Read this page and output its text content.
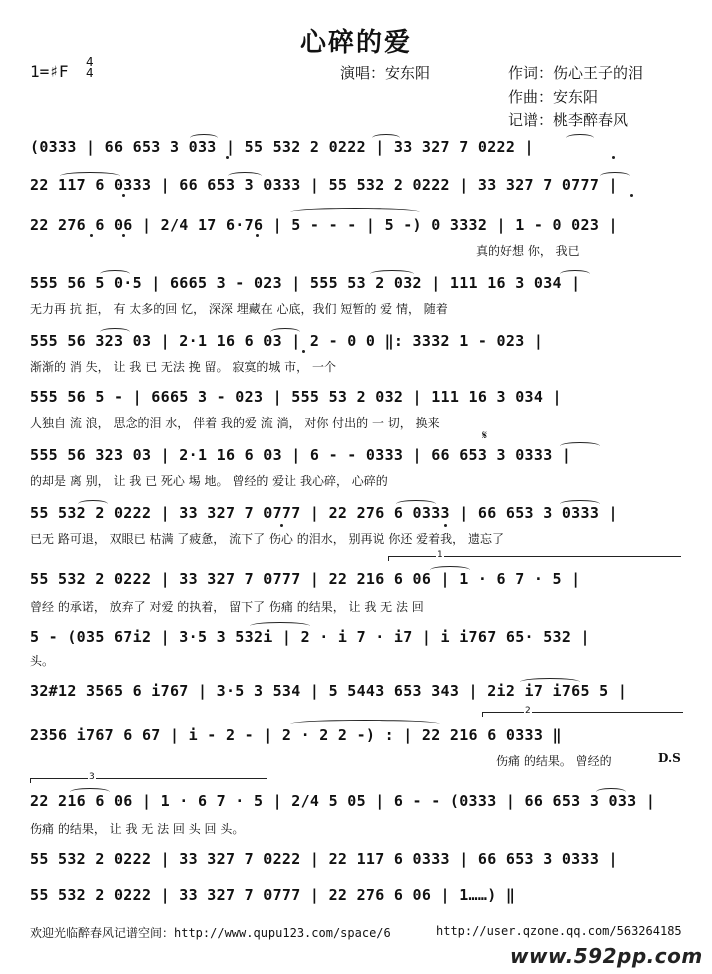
心碎的爱
1=♯F 4
4	演唱：安东阳	作词：伤心王子的泪
作曲：安东阳
记谱：桃李醉春风
(0333 | 66 653 3 033 | 55 532 2 0222 | 33 327 7 0222 |
22 117 6 0333 | 66 653 3 0333 | 55 532 2 0222 | 33 327 7 0777 |
22 276 6 06 | 2/4 17 6·76 | 5 - - - | 5 -) 0 3332 | 1 - 0 023 |
真的好想 你， 我已
555 56 5 0·5 | 6665 3 - 023 | 555 53 2 032 | 111 16 3 034 |
无力再 抗 拒， 有 太多的回 忆， 深深 埋藏在 心底，我们 短暂的 爱 情， 随着
555 56 323 03 | 2·1 16 6 03 | 2 - 0 0 ‖: 3332 1 - 023 |
渐渐的 消 失， 让 我 已 无法 挽 留。 寂寞的城 市， 一个
555 56 5 - | 6665 3 - 023 | 555 53 2 032 | 111 16 3 034 |
人独自 流 浪， 思念的泪 水， 伴着 我的爱 流 淌， 对你 付出的 一 切， 换来
𝄋
555 56 323 03 | 2·1 16 6 03 | 6 - - 0333 | 66 653 3 0333 |
的却是 离 别， 让 我 已 死心 埸 地。 曾经的 爱让 我心碎， 心碎的
55 532 2 0222 | 33 327 7 0777 | 22 276 6 0333 | 66 653 3 0333 |
已无 路可退， 双眼已 枯满 了疲惫， 流下了 伤心 的泪水， 别再说 你还 爱着我， 遗忘了
1
55 532 2 0222 | 33 327 7 0777 | 22 216 6 06 | 1 · 6 7 · 5 |
曾经 的承诺， 放弃了 对爱 的执着， 留下了 伤痛 的结果， 让 我 无 法 回
5 - (035 67i2 | 3·5 3 532i | 2 · i 7 · i7 | i i767 65· 532 |
头。
32#12 3565 6 i767 | 3·5 3 534 | 5 5443 653 343 | 2i2 i7 i765 5 |
2
2356 i767 6 67 | i - 2 - | 2 · 2 2 -) : | 22 216 6 0333 ‖
伤痛 的结果。 曾经的	D.S
3
22 216 6 06 | 1 · 6 7 · 5 | 2/4 5 05 | 6 - - (0333 | 66 653 3 033 |
伤痛 的结果， 让 我 无 法 回 头 回 头。
55 532 2 0222 | 33 327 7 0222 | 22 117 6 0333 | 66 653 3 0333 |
55 532 2 0222 | 33 327 7 0777 | 22 276 6 06 | 1……) ‖
欢迎光临醉春风记谱空间：http://www.qupu123.com/space/6	http://user.qzone.qq.com/563264185
www.592pp.com
